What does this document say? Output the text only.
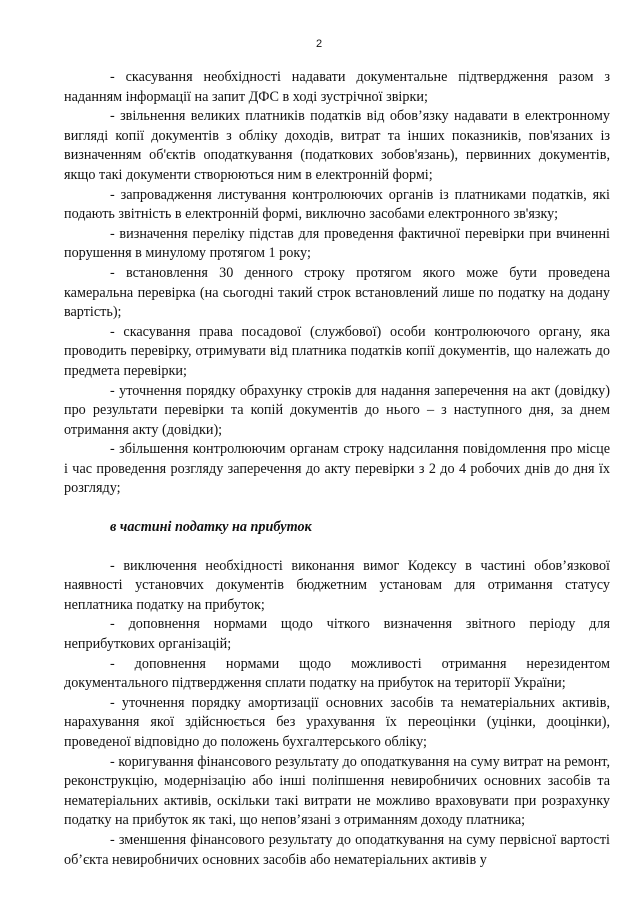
2

- скасування необхідності надавати документальне підтвердження разом з наданням інформації на запит ДФС в ході зустрічної звірки;

- звільнення великих платників податків від обов’язку надавати в електронному вигляді копії документів з обліку доходів, витрат та інших показників, пов'язаних із визначенням об'єктів оподаткування (податкових зобов'язань), первинних документів, якщо такі документи створюються ним в електронній формі;

- запровадження листування контролюючих органів із платниками податків, які подають звітність в електронній формі, виключно засобами електронного зв'язку;

- визначення переліку підстав для проведення фактичної перевірки при вчиненні порушення в минулому протягом 1 року;

- встановлення 30 денного строку протягом якого може бути проведена камеральна перевірка (на сьогодні такий строк встановлений лише по податку на додану вартість);

- скасування права посадової (службової) особи контролюючого органу, яка проводить перевірку, отримувати від платника податків копії документів, що належать до предмета перевірки;

- уточнення порядку обрахунку строків для надання заперечення на акт (довідку) про результати перевірки та копій документів до нього – з наступного дня, за днем отримання акту (довідки);

- збільшення контролюючим органам строку надсилання повідомлення про місце і час проведення розгляду заперечення до акту перевірки з 2 до 4 робочих днів до дня їх розгляду;

в частині податку на прибуток

- виключення необхідності виконання вимог Кодексу в частині обов’язкової наявності установчих документів бюджетним установам для отримання статусу неплатника податку на прибуток;

- доповнення нормами щодо чіткого визначення звітного періоду для неприбуткових організацій;

- доповнення нормами щодо можливості отримання нерезидентом документального підтвердження сплати податку на прибуток на території України;

- уточнення порядку амортизації основних засобів та нематеріальних активів, нарахування якої здійснюється без урахування їх переоцінки (уцінки, дооцінки), проведеної відповідно до положень бухгалтерського обліку;

- коригування фінансового результату до оподаткування на суму витрат на ремонт, реконструкцію, модернізацію або інші поліпшення невиробничих основних засобів та нематеріальних активів, оскільки такі витрати не можливо враховувати при розрахунку податку на прибуток як такі, що непов’язані з отриманням доходу платника;

- зменшення фінансового результату до оподаткування на суму первісної вартості об’єкта невиробничих основних засобів або нематеріальних активів у
